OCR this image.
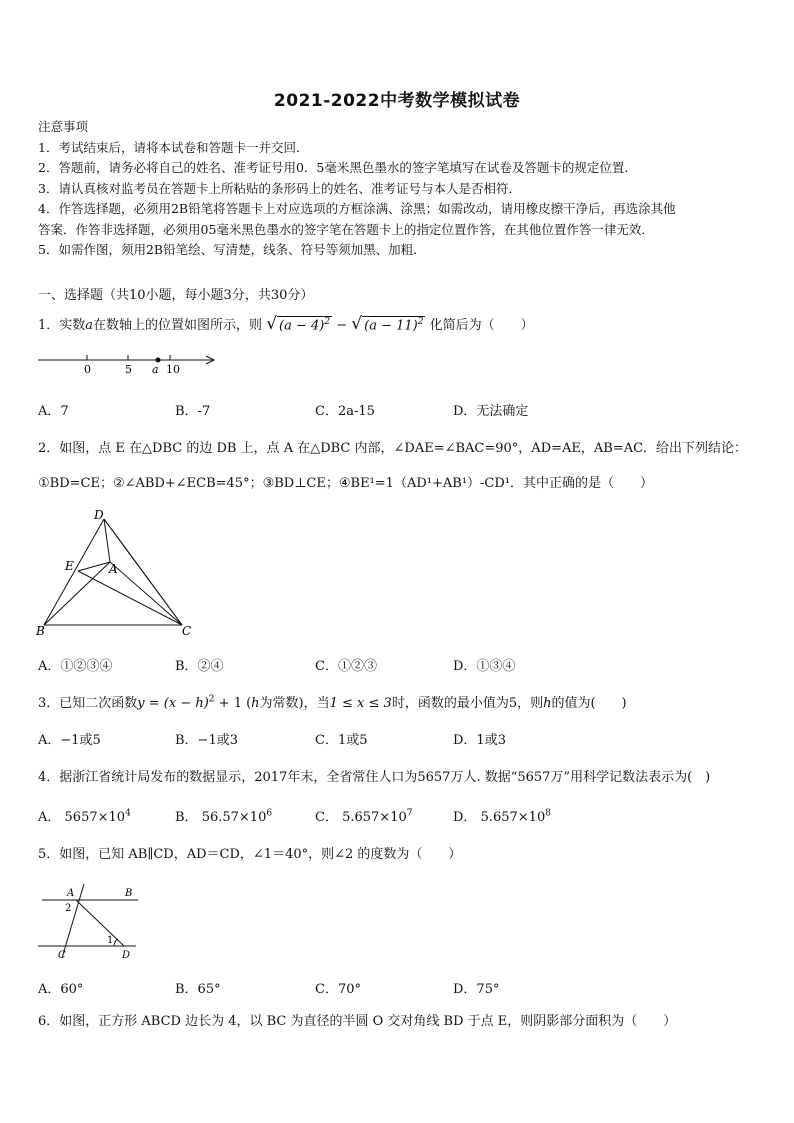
2021-2022中考数学模拟试卷
注意事项
1．考试结束后，请将本试卷和答题卡一并交回．
2．答题前，请务必将自己的姓名、准考证号用0．5毫米黑色墨水的签字笔填写在试卷及答题卡的规定位置．
3．请认真核对监考员在答题卡上所粘贴的条形码上的姓名、准考证号与本人是否相符．
4．作答选择题，必须用2B铅笔将答题卡上对应选项的方框涂满、涂黑；如需改动，请用橡皮擦干净后，再选涂其他
答案．作答非选择题，必须用05毫米黑色墨水的签字笔在答题卡上的指定位置作答，在其他位置作答一律无效．
5．如需作图，须用2B铅笔绘、写清楚，线条、符号等须加黑、加粗．
一、选择题（共10小题，每小题3分，共30分）
1．实数a在数轴上的位置如图所示，则 √ $(a - 4)^2$ − √ $(a - 11)^2$ 化简后为（　　）
0	5 a 10
A．7	B．-7	C．2a-15	D．无法确定
2．如图，点 E 在△DBC 的边 DB 上，点 A 在△DBC 内部，∠DAE=∠BAC=90°，AD=AE，AB=AC．给出下列结论：
①BD=CE；②∠ABD+∠ECB=45°；③BD⊥CE；④BE¹=1（AD¹+AB¹）-CD¹．其中正确的是（　　）
D
E	A
B	C
A．①②③④	B．②④	C．①②③	D．①③④
3．已知二次函数$y = (x - h)^2 + 1$ (h为常数)，当1 ≤ x ≤ 3时，函数的最小值为5，则h的值为(　　)
A．−1或5	B．−1或3	C．1或5	D．1或3
4．据浙江省统计局发布的数据显示，2017年末，全省常住人口为5657万人. 数据“5657万”用科学记数法表示为(　)
A． $5657\times 10^4$	B． $56.57\times 10^6$	C． $5.657\times 10^7$	D． $5.657\times 10^8$
5．如图，已知 AB∥CD，AD＝CD，∠1＝40°，则∠2 的度数为（　　）
A	B
2
1
C	D
A．60°	B．65°	C．70°	D．75°
6．如图，正方形 ABCD 边长为 4，以 BC 为直径的半圆 O 交对角线 BD 于点 E，则阴影部分面积为（　　）
